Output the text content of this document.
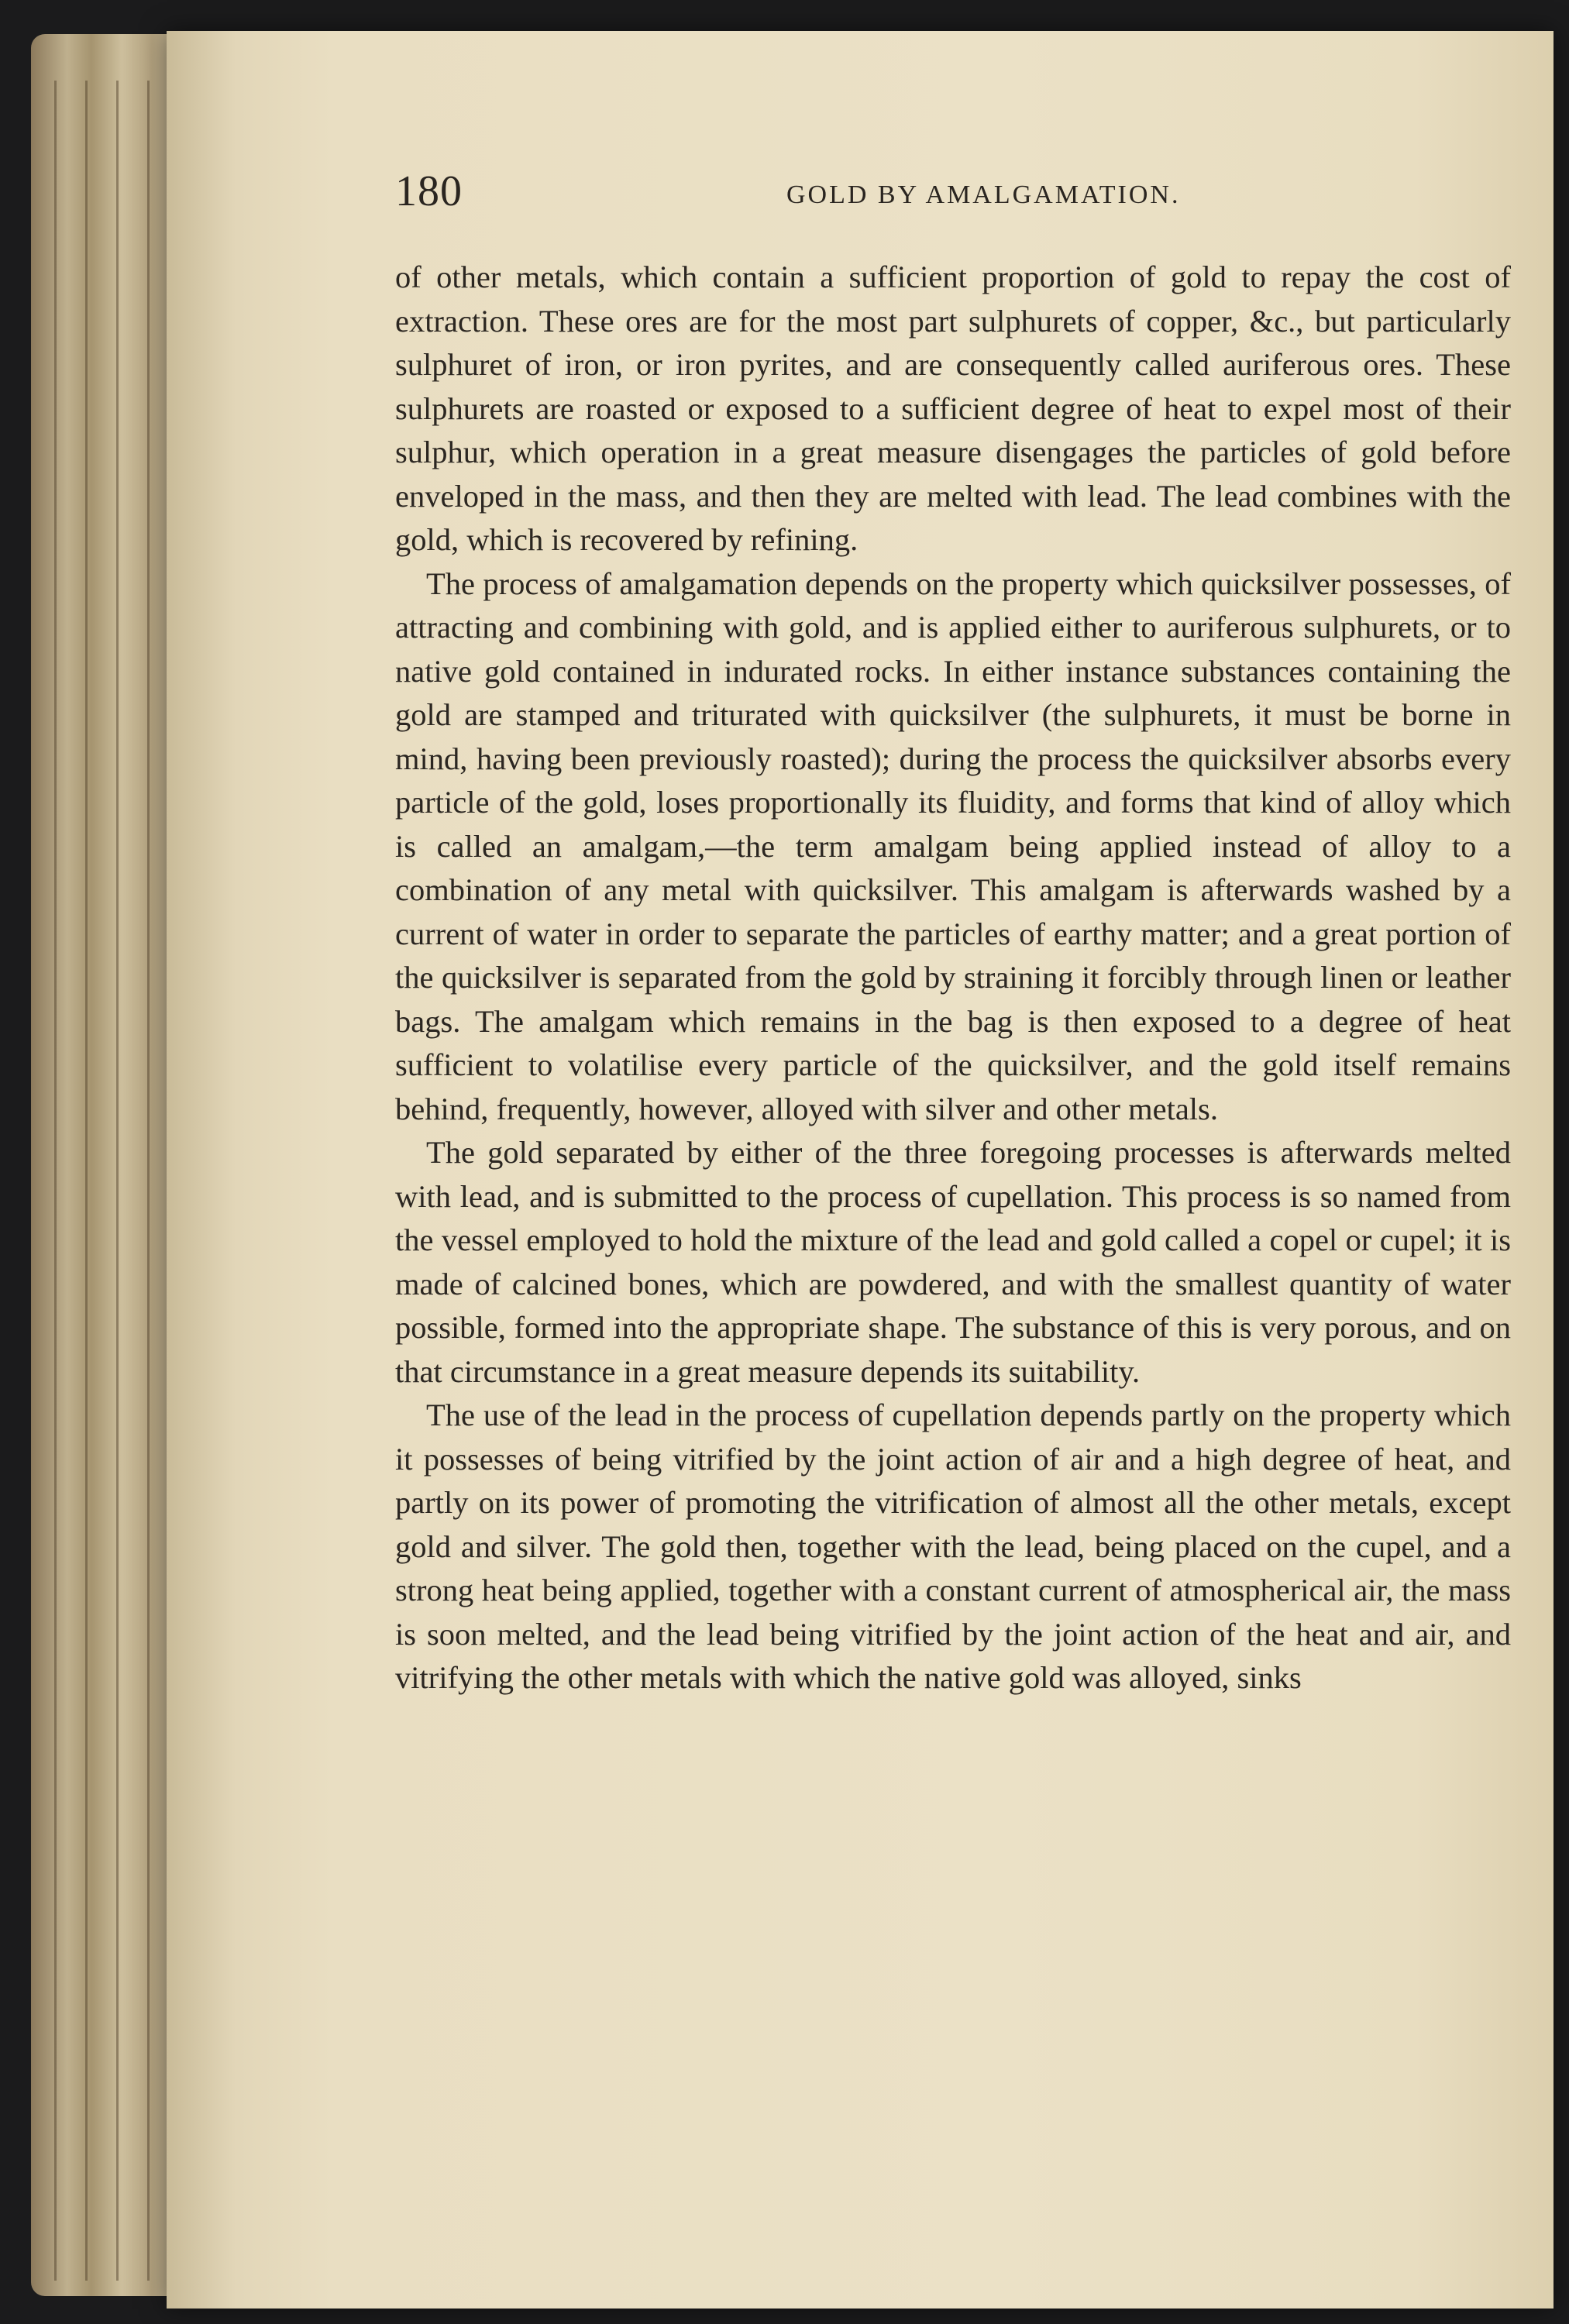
180	GOLD BY AMALGAMATION.

of other metals, which contain a sufficient proportion of gold to repay the cost of extraction. These ores are for the most part sulphurets of copper, &c., but particularly sulphuret of iron, or iron pyrites, and are consequently called auriferous ores. These sulphurets are roasted or exposed to a sufficient degree of heat to expel most of their sulphur, which operation in a great measure disengages the particles of gold before enveloped in the mass, and then they are melted with lead. The lead combines with the gold, which is recovered by refining.

The process of amalgamation depends on the property which quicksilver possesses, of attracting and combining with gold, and is applied either to auriferous sulphurets, or to native gold contained in indurated rocks. In either instance substances containing the gold are stamped and triturated with quicksilver (the sulphurets, it must be borne in mind, having been previously roasted); during the process the quicksilver absorbs every particle of the gold, loses proportionally its fluidity, and forms that kind of alloy which is called an amalgam,—the term amalgam being applied instead of alloy to a combination of any metal with quicksilver. This amalgam is afterwards washed by a current of water in order to separate the particles of earthy matter; and a great portion of the quicksilver is separated from the gold by straining it forcibly through linen or leather bags. The amalgam which remains in the bag is then exposed to a degree of heat sufficient to volatilise every particle of the quicksilver, and the gold itself remains behind, frequently, however, alloyed with silver and other metals.

The gold separated by either of the three foregoing processes is afterwards melted with lead, and is submitted to the process of cupellation. This process is so named from the vessel employed to hold the mixture of the lead and gold called a copel or cupel; it is made of calcined bones, which are powdered, and with the smallest quantity of water possible, formed into the appropriate shape. The substance of this is very porous, and on that circumstance in a great measure depends its suitability.

The use of the lead in the process of cupellation depends partly on the property which it possesses of being vitrified by the joint action of air and a high degree of heat, and partly on its power of promoting the vitrification of almost all the other metals, except gold and silver. The gold then, together with the lead, being placed on the cupel, and a strong heat being applied, together with a constant current of atmospherical air, the mass is soon melted, and the lead being vitrified by the joint action of the heat and air, and vitrifying the other metals with which the native gold was alloyed, sinks
